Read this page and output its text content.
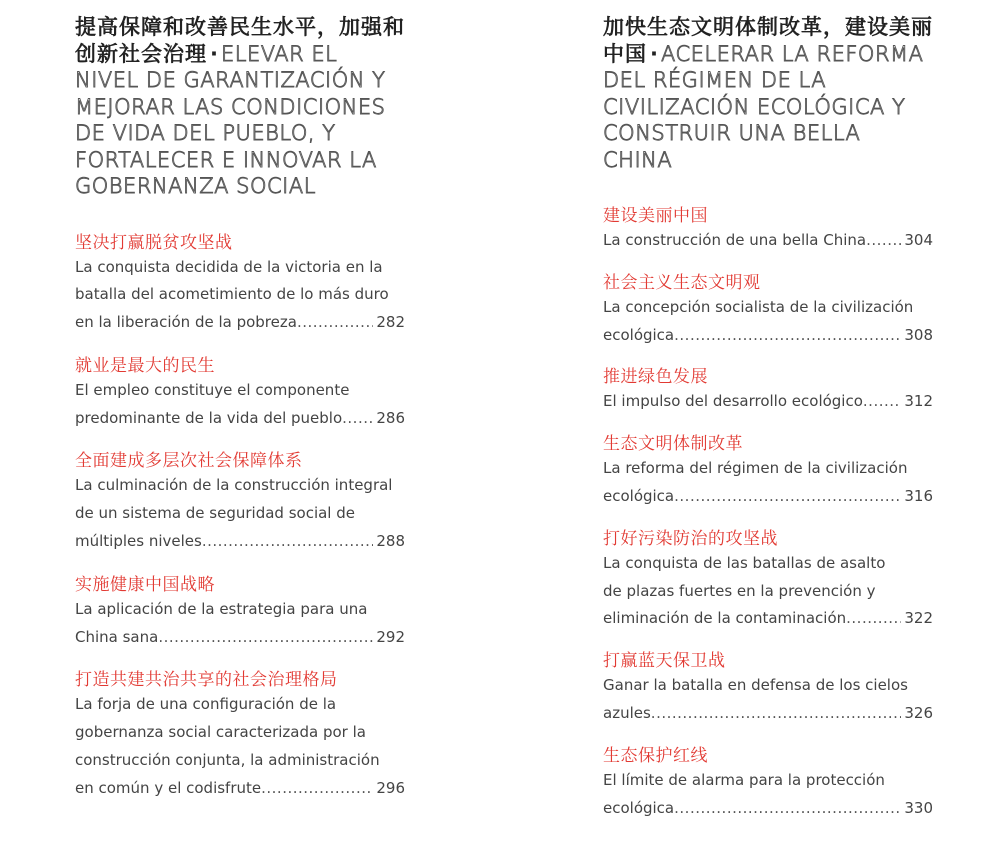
提高保障和改善民生水平，加强和创新社会治理 · ELEVAR EL NIVEL DE GARANTIZACIÓN Y MEJORAR LAS CONDICIONES DE VIDA DEL PUEBLO, Y FORTALECER E INNOVAR LA GOBERNANZA SOCIAL

坚决打赢脱贫攻坚战

La conquista decidida de la victoria en la

batalla del acometimiento de lo más duro

en la liberación de la pobreza .....	282

就业是最大的民生

El empleo constituye el componente

predominante de la vida del pueblo ..... 286

全面建成多层次社会保障体系

La culminación de la construcción integral

de un sistema de seguridad social de

múltiples niveles .....	288

实施健康中国战略

La aplicación de la estrategia para una

China sana .....	292

打造共建共治共享的社会治理格局

La forja de una configuración de la

gobernanza social caracterizada por la

construcción conjunta, la administración

en común y el codisfrute .....	296

加快生态文明体制改革，建设美丽中国 · ACELERAR LA REFORMA DEL RÉGIMEN DE LA CIVILIZACIÓN ECOLÓGICA Y CONSTRUIR UNA BELLA CHINA

建设美丽中国

La construcción de una bella China .....	304

社会主义生态文明观

La concepción socialista de la civilización

ecológica .....	308

推进绿色发展

El impulso del desarrollo ecológico .....	312

生态文明体制改革

La reforma del régimen de la civilización

ecológica .....	316

打好污染防治的攻坚战

La conquista de las batallas de asalto

de plazas fuertes en la prevención y

eliminación de la contaminación .....	322

打赢蓝天保卫战

Ganar la batalla en defensa de los cielos

azules .....	326

生态保护红线

El límite de alarma para la protección

ecológica .....	330
